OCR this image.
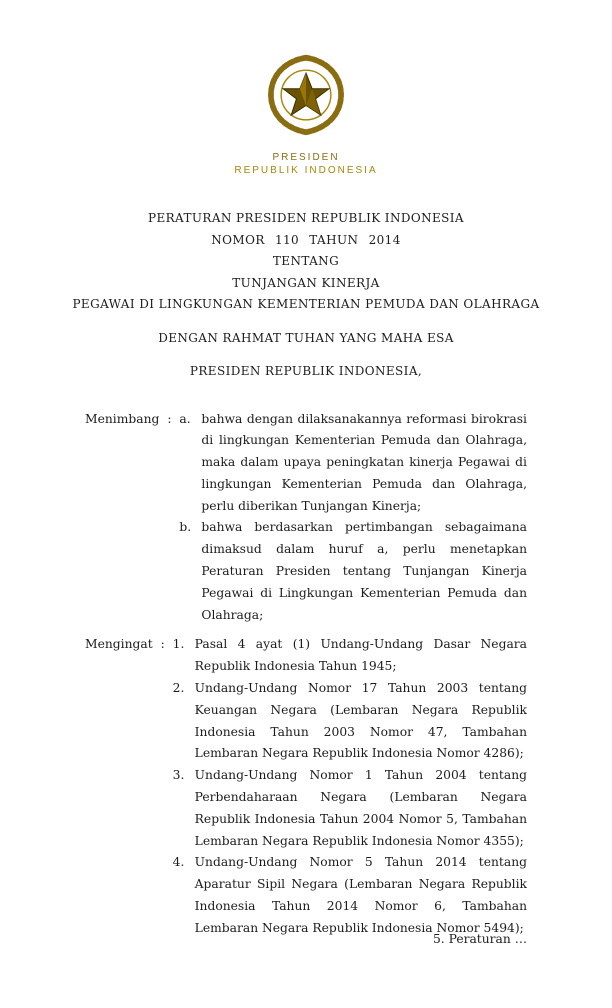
PRESIDEN
REPUBLIK INDONESIA
PERATURAN PRESIDEN REPUBLIK INDONESIA
NOMOR 110 TAHUN 2014
TENTANG
TUNJANGAN KINERJA
PEGAWAI DI LINGKUNGAN KEMENTERIAN PEMUDA DAN OLAHRAGA
DENGAN RAHMAT TUHAN YANG MAHA ESA
PRESIDEN REPUBLIK INDONESIA,
Menimbang : a. bahwa dengan dilaksanakannya reformasi birokrasi di lingkungan Kementerian Pemuda dan Olahraga, maka dalam upaya peningkatan kinerja Pegawai di lingkungan Kementerian Pemuda dan Olahraga, perlu diberikan Tunjangan Kinerja;
b. bahwa berdasarkan pertimbangan sebagaimana dimaksud dalam huruf a, perlu menetapkan Peraturan Presiden tentang Tunjangan Kinerja Pegawai di Lingkungan Kementerian Pemuda dan Olahraga;
Mengingat : 1. Pasal 4 ayat (1) Undang-Undang Dasar Negara Republik Indonesia Tahun 1945;
2. Undang-Undang Nomor 17 Tahun 2003 tentang Keuangan Negara (Lembaran Negara Republik Indonesia Tahun 2003 Nomor 47, Tambahan Lembaran Negara Republik Indonesia Nomor 4286);
3. Undang-Undang Nomor 1 Tahun 2004 tentang Perbendaharaan Negara (Lembaran Negara Republik Indonesia Tahun 2004 Nomor 5, Tambahan Lembaran Negara Republik Indonesia Nomor 4355);
4. Undang-Undang Nomor 5 Tahun 2014 tentang Aparatur Sipil Negara (Lembaran Negara Republik Indonesia Tahun 2014 Nomor 6, Tambahan Lembaran Negara Republik Indonesia Nomor 5494);
5. Peraturan …
